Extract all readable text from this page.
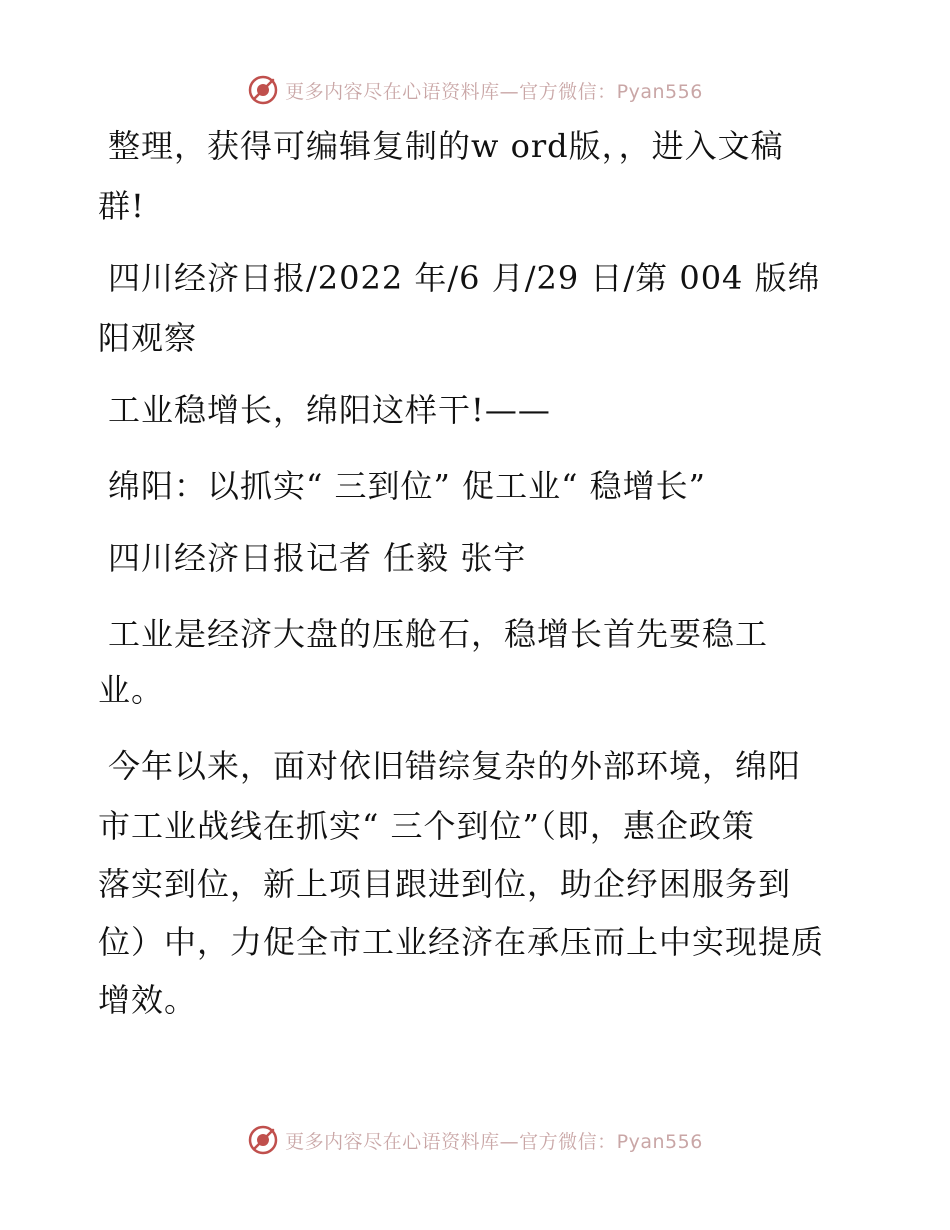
更多内容尽在心语资料库—官方微信：Pyan556
整理，获得可编辑复制的w ord版，，进入文稿
群!
四川经济日报/2022 年/6 月/29 日/第 004 版绵
阳观察
工业稳增长，绵阳这样干!——
绵阳：以抓实“ 三到位” 促工业“ 稳增长”
四川经济日报记者 任毅 张宇
工业是经济大盘的压舱石，稳增长首先要稳工
业。
今年以来，面对依旧错综复杂的外部环境，绵阳
市工业战线在抓实“ 三个到位”（即，惠企政策
落实到位，新上项目跟进到位，助企纾困服务到
位）中，力促全市工业经济在承压而上中实现提质
增效。
更多内容尽在心语资料库—官方微信：Pyan556
